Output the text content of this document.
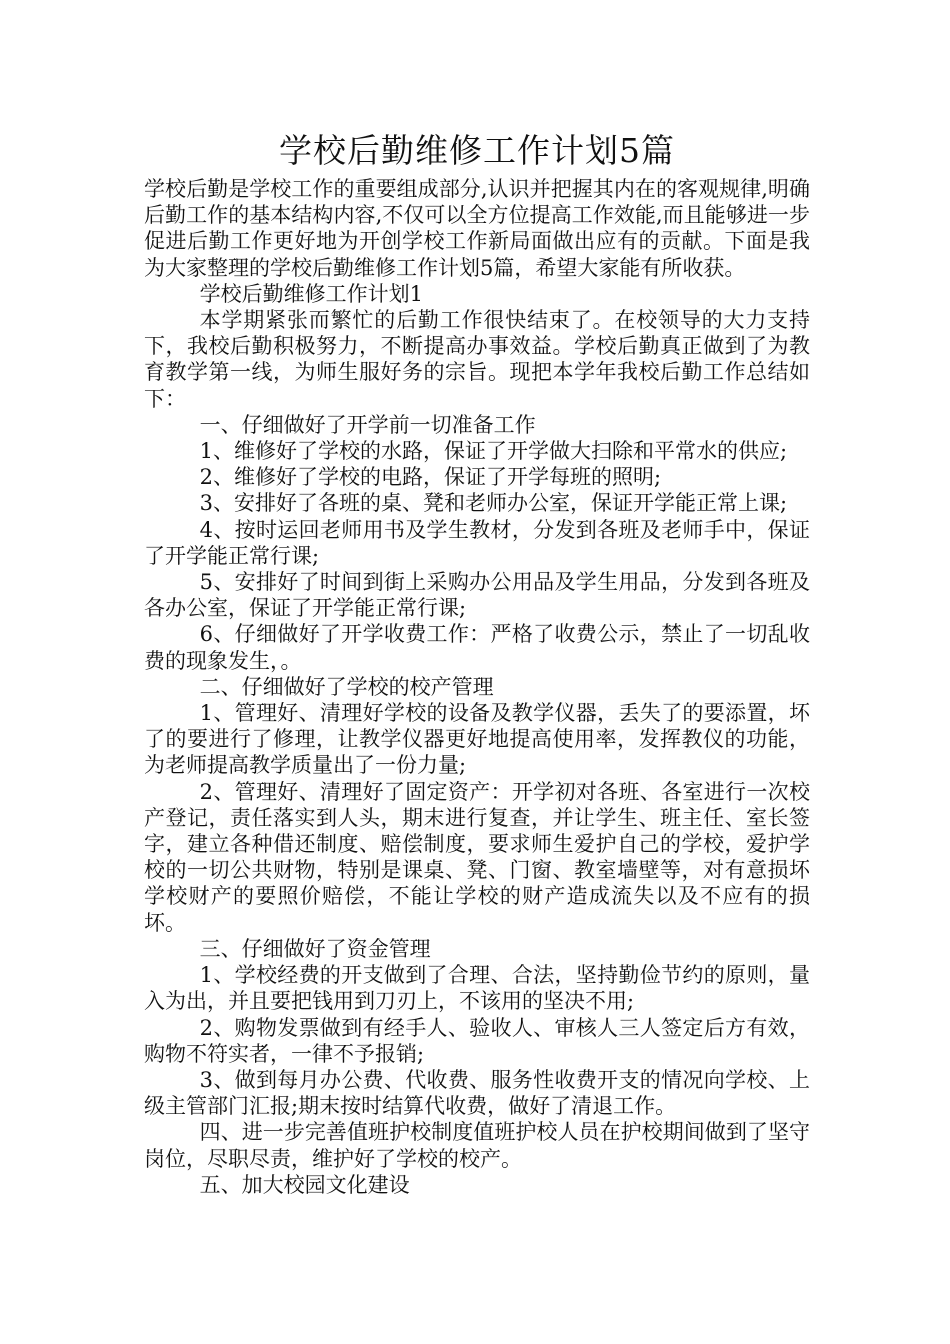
学校后勤维修工作计划5篇

学校后勤是学校工作的重要组成部分,认识并把握其内在的客观规律,明确后勤工作的基本结构内容,不仅可以全方位提高工作效能,而且能够进一步促进后勤工作更好地为开创学校工作新局面做出应有的贡献。下面是我为大家整理的学校后勤维修工作计划5篇，希望大家能有所收获。

学校后勤维修工作计划1

本学期紧张而繁忙的后勤工作很快结束了。在校领导的大力支持下，我校后勤积极努力，不断提高办事效益。学校后勤真正做到了为教育教学第一线，为师生服好务的宗旨。现把本学年我校后勤工作总结如下：

一、仔细做好了开学前一切准备工作

1、维修好了学校的水路，保证了开学做大扫除和平常水的供应;

2、维修好了学校的电路，保证了开学每班的照明;

3、安排好了各班的桌、凳和老师办公室，保证开学能正常上课;

4、按时运回老师用书及学生教材，分发到各班及老师手中，保证了开学能正常行课;

5、安排好了时间到街上采购办公用品及学生用品，分发到各班及各办公室，保证了开学能正常行课;

6、仔细做好了开学收费工作：严格了收费公示，禁止了一切乱收费的现象发生，。

二、仔细做好了学校的校产管理

1、管理好、清理好学校的设备及教学仪器，丢失了的要添置，坏了的要进行了修理，让教学仪器更好地提高使用率，发挥教仪的功能，为老师提高教学质量出了一份力量;

2、管理好、清理好了固定资产：开学初对各班、各室进行一次校产登记，责任落实到人头，期末进行复查，并让学生、班主任、室长签字，建立各种借还制度、赔偿制度，要求师生爱护自己的学校，爱护学校的一切公共财物，特别是课桌、凳、门窗、教室墙壁等，对有意损坏学校财产的要照价赔偿，不能让学校的财产造成流失以及不应有的损坏。

三、仔细做好了资金管理

1、学校经费的开支做到了合理、合法，坚持勤俭节约的原则，量入为出，并且要把钱用到刀刃上，不该用的坚决不用;

2、购物发票做到有经手人、验收人、审核人三人签定后方有效，购物不符实者，一律不予报销;

3、做到每月办公费、代收费、服务性收费开支的情况向学校、上级主管部门汇报;期末按时结算代收费，做好了清退工作。

四、进一步完善值班护校制度值班护校人员在护校期间做到了坚守岗位，尽职尽责，维护好了学校的校产。

五、加大校园文化建设
